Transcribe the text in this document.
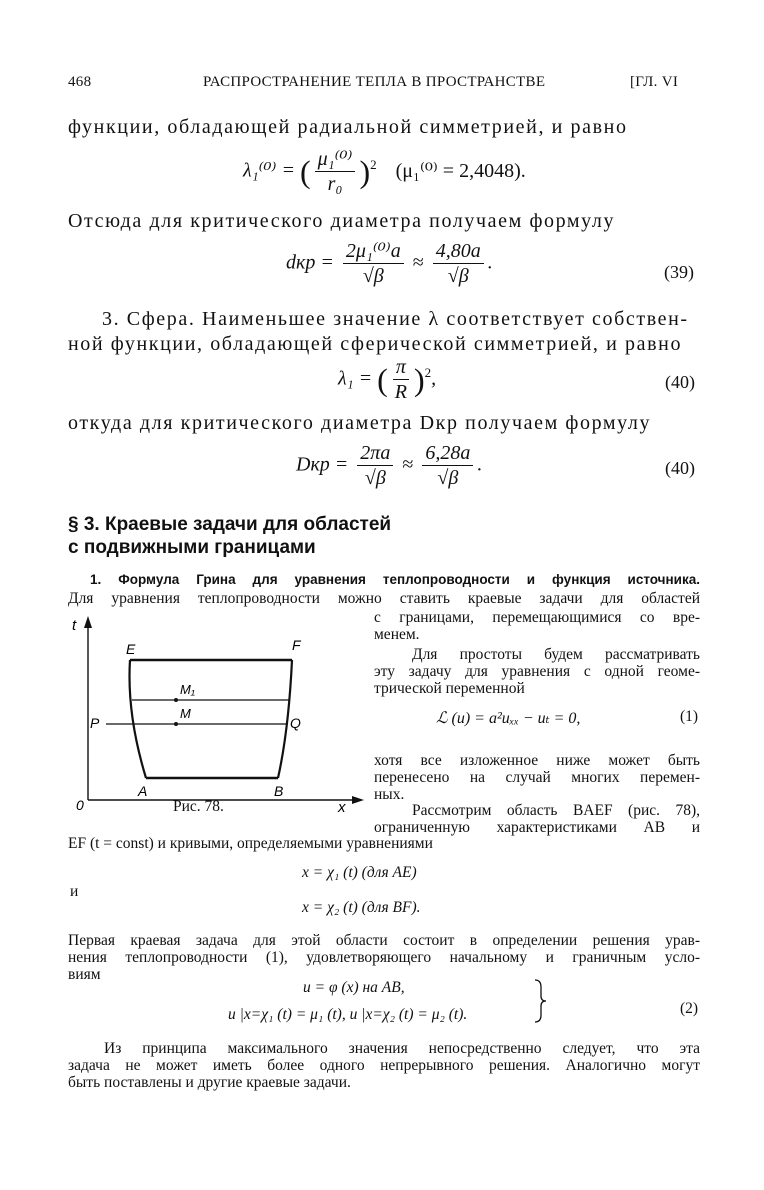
468	РАСПРОСТРАНЕНИЕ ТЕПЛА В ПРОСТРАНСТВЕ	[ГЛ. VI
функции, обладающей радиальной симметрией, и равно
λ₁⁽⁰⁾ = ( $\frac{\text{μ₁⁽⁰⁾}}{\text{r₀}} )^2$ (μ₁⁽⁰⁾ = 2,4048).
Отсюда для критического диаметра получаем формулу
dкр = $\frac{\text{2μ₁⁽⁰⁾a}}{√\beta} \approx \frac{4,80a}{√\beta}$ .	(39)
3. Сфера. Наименьшее значение λ соответствует собствен-
ной функции, обладающей сферической симметрией, и равно
λ₁ = ( $\frac{\pi}{R} )^2$,	(40)
откуда для критического диаметра Dкр получаем формулу
Dкр = $\frac{2\pi a}{√\beta} \approx \frac{6,28a}{√\beta}$ .	(40)
§ 3. Краевые задачи для областей
с подвижными границами
1. Формула Грина для уравнения теплопроводности и функция источника.
Для уравнения теплопроводности можно ставить краевые задачи для областей
с границами, перемещающимися со вре-
менем.
Для простоты будем рассматривать
эту задачу для уравнения с одной геоме-
трической переменной
ℒ (u) = a²uₓₓ − uₜ = 0,	(1)
хотя все изложенное ниже может быть
перенесено на случай многих перемен-
ных.
Рассмотрим область BAEF (рис. 78),
ограниченную характеристиками AB и
t
x
0
E	F
M₁
M
P	Q
A	B
Рис. 78.
EF (t = const) и кривыми, определяемыми уравнениями
x = χ₁ (t) (для AE)
и
x = χ₂ (t) (для BF).
Первая краевая задача для этой области состоит в определении решения урав-
нения теплопроводности (1), удовлетворяющего начальному и граничным усло-
виям
u = φ (x) на AB,
u |x=χ₁ (t) = μ₁ (t), u |x=χ₂ (t) = μ₂ (t).	(2)
Из принципа максимального значения непосредственно следует, что эта
задача не может иметь более одного непрерывного решения. Аналогично могут
быть поставлены и другие краевые задачи.
